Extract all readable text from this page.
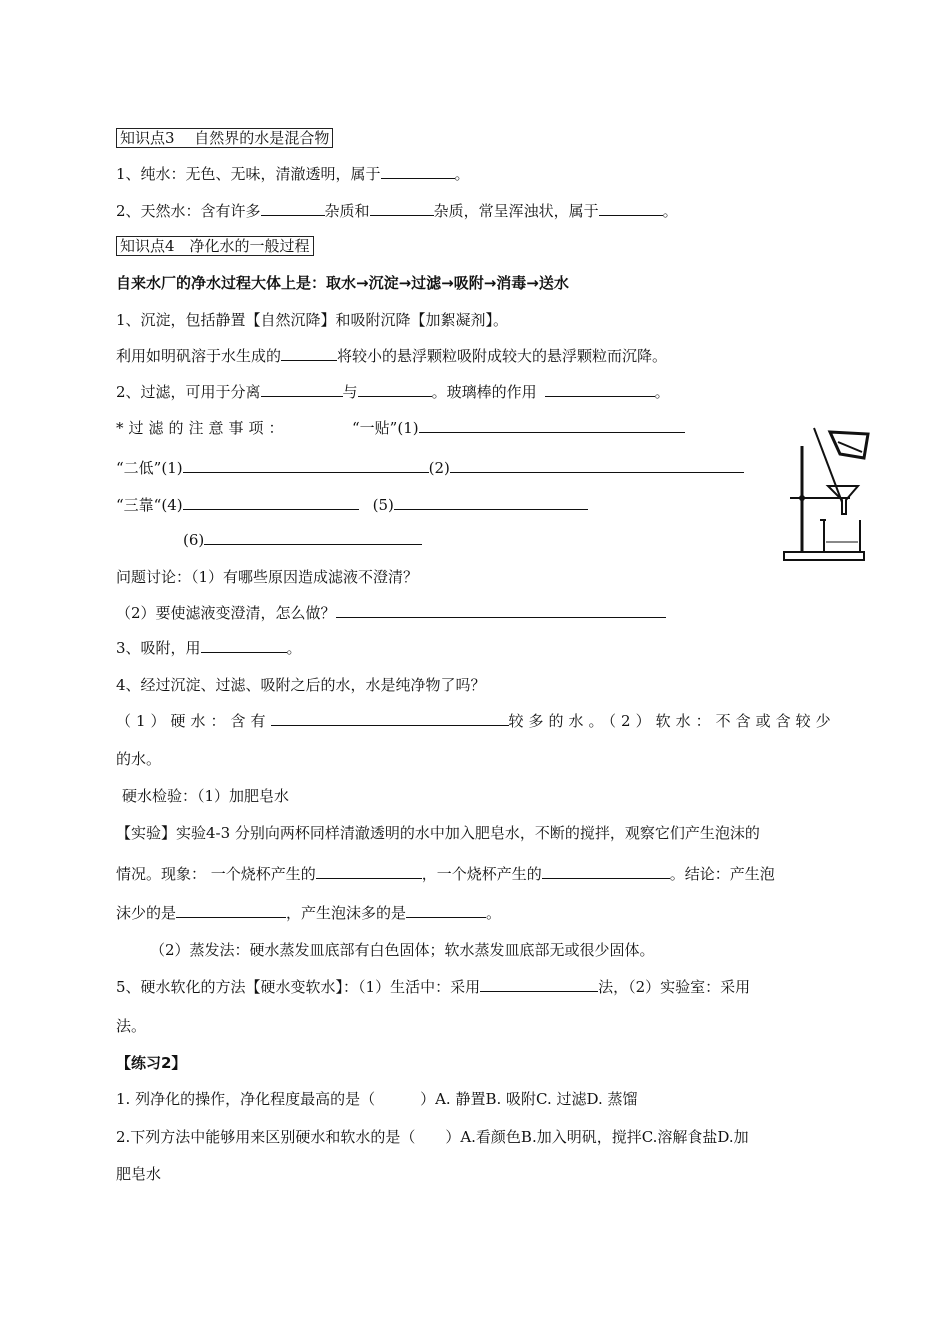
知识点3　 自然界的水是混合物
1、纯水：无色、无味，清澈透明，属于	。
2、天然水：含有许多	杂质和	杂质，常呈浑浊状，属于	。
知识点4　净化水的一般过程
自来水厂的净水过程大体上是：取水→沉淀→过滤→吸附→消毒→送水
1、沉淀，包括静置【自然沉降】和吸附沉降【加絮凝剂】。
利用如明矾溶于水生成的	将较小的悬浮颗粒吸附成较大的悬浮颗粒而沉降。
2、过滤，可用于分离	与	。玻璃棒的作用	。
*过滤的注意事项：	“一贴”(1)
“二低”(1)	(2)
“三靠“(4)	(5)
(6)
问题讨论：（1）有哪些原因造成滤液不澄清？
（2）要使滤液变澄清，怎么做？
3、吸附，用	。
4、经过沉淀、过滤、吸附之后的水，水是纯净物了吗？
（1）硬水：含有	较多的水。（2）软水：不含或含较少
的水。
硬水检验：（1）加肥皂水
【实验】实验4-3 分别向两杯同样清澈透明的水中加入肥皂水，不断的搅拌，观察它们产生泡沫的
情况。现象： 一个烧杯产生的	，一个烧杯产生的	。结论：产生泡
沫少的是	，产生泡沫多的是	。
（2）蒸发法：硬水蒸发皿底部有白色固体；软水蒸发皿底部无或很少固体。
5、硬水软化的方法【硬水变软水】：（1）生活中：采用	法，（2）实验室：采用
法。
【练习2】
1. 列净化的操作，净化程度最高的是（　　　）A. 静置B. 吸附C. 过滤D. 蒸馏
2.下列方法中能够用来区别硬水和软水的是（　　）A.看颜色B.加入明矾，搅拌C.溶解食盐D.加
肥皂水
